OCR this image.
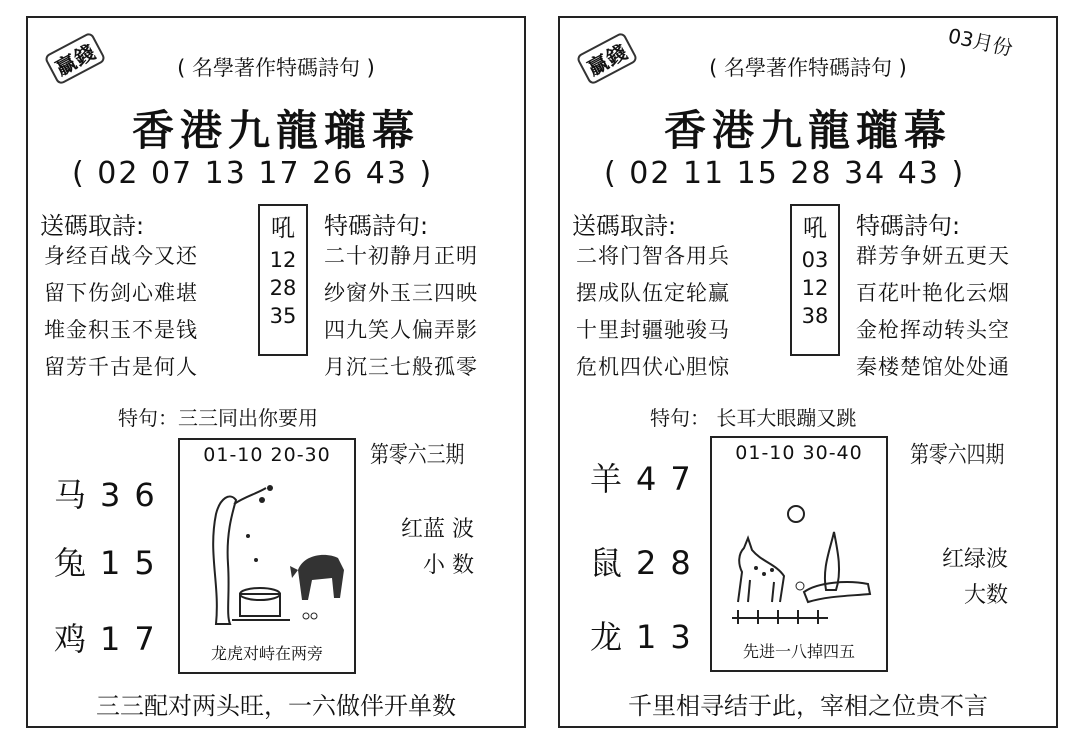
贏錢	( 名學著作特碼詩句 )
香港九龍瓏幕
( 02 07 13 17 26 43 )
送碼取詩:
身经百战今又还
留下伤剑心难堪
堆金积玉不是钱
留芳千古是何人
吼
12
28
35
特碼詩句:
二十初静月正明
纱窗外玉三四映
四九笑人偏弄影
月沉三七般孤零
特句：三三同出你要用
马36
兔15
鸡17
01-10 20-30
龙虎对峙在两旁
第零六三期
红蓝 波
小 数
三三配对两头旺，一六做伴开单数
贏錢	03月份
( 名學著作特碼詩句 )
香港九龍瓏幕
( 02 11 15 28 34 43 )
送碼取詩:
二将门智各用兵
摆成队伍定轮赢
十里封疆驰骏马
危机四伏心胆惊
吼
03
12
38
特碼詩句:
群芳争妍五更天
百花叶艳化云烟
金枪挥动转头空
秦楼楚馆处处通
特句： 长耳大眼蹦又跳
羊47
鼠28
龙13
01-10 30-40
先进一八掉四五
第零六四期
红绿波
大数
千里相寻结于此，宰相之位贵不言
